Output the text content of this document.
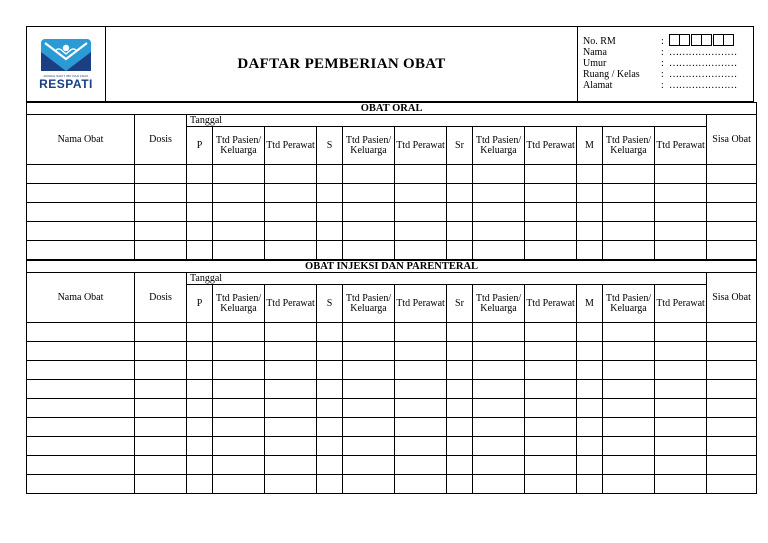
RUMAH SAKIT IBU DAN ANAK
RESPATI
DAFTAR PEMBERIAN OBAT
No. RM	:
Nama	: …………………
Umur	: …………………
Ruang / Kelas	: …………………
Alamat	: …………………
OBAT ORAL														
Nama Obat	Dosis	Tanggal												Sisa Obat
		P	Ttd Pasien/ Keluarga	Ttd Perawat	S	Ttd Pasien/ Keluarga	Ttd Perawat	Sr	Ttd Pasien/ Keluarga	Ttd Perawat	M	Ttd Pasien/ Keluarga	Ttd Perawat	

OBAT INJEKSI DAN PARENTERAL														
Nama Obat	Dosis	Tanggal												Sisa Obat
		P	Ttd Pasien/ Keluarga	Ttd Perawat	S	Ttd Pasien/ Keluarga	Ttd Perawat	Sr	Ttd Pasien/ Keluarga	Ttd Perawat	M	Ttd Pasien/ Keluarga	Ttd Perawat	
